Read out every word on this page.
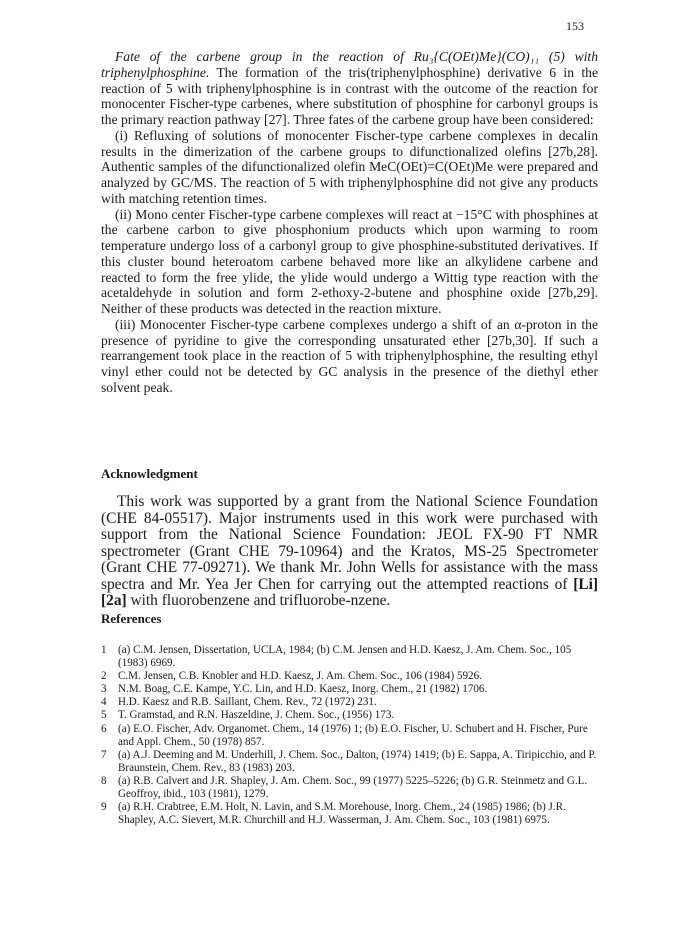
153

Fate of the carbene group in the reaction of Ru₃{C(OEt)Me}(CO)₁₁ (5) with triphenylphosphine. The formation of the tris(triphenylphosphine) derivative 6 in the reaction of 5 with triphenylphosphine is in contrast with the outcome of the reaction for monocenter Fischer-type carbenes, where substitution of phosphine for carbonyl groups is the primary reaction pathway [27]. Three fates of the carbene group have been considered:

(i) Refluxing of solutions of monocenter Fischer-type carbene complexes in decalin results in the dimerization of the carbene groups to difunctionalized olefins [27b,28]. Authentic samples of the difunctionalized olefin MeC(OEt)=C(OEt)Me were prepared and analyzed by GC/MS. The reaction of 5 with triphenylphosphine did not give any products with matching retention times.

(ii) Mono center Fischer-type carbene complexes will react at −15°C with phosphines at the carbene carbon to give phosphonium products which upon warming to room temperature undergo loss of a carbonyl group to give phosphine-substituted derivatives. If this cluster bound heteroatom carbene behaved more like an alkylidene carbene and reacted to form the free ylide, the ylide would undergo a Wittig type reaction with the acetaldehyde in solution and form 2-ethoxy-2-butene and phosphine oxide [27b,29]. Neither of these products was detected in the reaction mixture.

(iii) Monocenter Fischer-type carbene complexes undergo a shift of an α-proton in the presence of pyridine to give the corresponding unsaturated ether [27b,30]. If such a rearrangement took place in the reaction of 5 with triphenylphosphine, the resulting ethyl vinyl ether could not be detected by GC analysis in the presence of the diethyl ether solvent peak.

Acknowledgment

This work was supported by a grant from the National Science Foundation (CHE 84-05517). Major instruments used in this work were purchased with support from the National Science Foundation: JEOL FX-90 FT NMR spectrometer (Grant CHE 79-10964) and the Kratos, MS-25 Spectrometer (Grant CHE 77-09271). We thank Mr. John Wells for assistance with the mass spectra and Mr. Yea Jer Chen for carrying out the attempted reactions of [Li][2a] with fluorobenzene and trifluorobe-nzene.

References
1	(a) C.M. Jensen, Dissertation, UCLA, 1984; (b) C.M. Jensen and H.D. Kaesz, J. Am. Chem. Soc., 105 (1983) 6969.
2	C.M. Jensen, C.B. Knobler and H.D. Kaesz, J. Am. Chem. Soc., 106 (1984) 5926.
3	N.M. Boag, C.E. Kampe, Y.C. Lin, and H.D. Kaesz, Inorg. Chem., 21 (1982) 1706.
4	H.D. Kaesz and R.B. Saillant, Chem. Rev., 72 (1972) 231.
5	T. Gramstad, and R.N. Haszeldine, J. Chem. Soc., (1956) 173.
6	(a) E.O. Fischer, Adv. Organomet. Chem., 14 (1976) 1; (b) E.O. Fischer, U. Schubert and H. Fischer, Pure and Appl. Chem., 50 (1978) 857.
7	(a) A.J. Deeming and M. Underhill, J. Chem. Soc., Dalton, (1974) 1419; (b) E. Sappa, A. Tiripicchio, and P. Braunstein, Chem. Rev., 83 (1983) 203.
8	(a) R.B. Calvert and J.R. Shapley, J. Am. Chem. Soc., 99 (1977) 5225–5226; (b) G.R. Steinmetz and G.L. Geoffroy, ibid., 103 (1981), 1279.
9	(a) R.H. Crabtree, E.M. Holt, N. Lavin, and S.M. Morehouse, Inorg. Chem., 24 (1985) 1986; (b) J.R. Shapley, A.C. Sievert, M.R. Churchill and H.J. Wasserman, J. Am. Chem. Soc., 103 (1981) 6975.
